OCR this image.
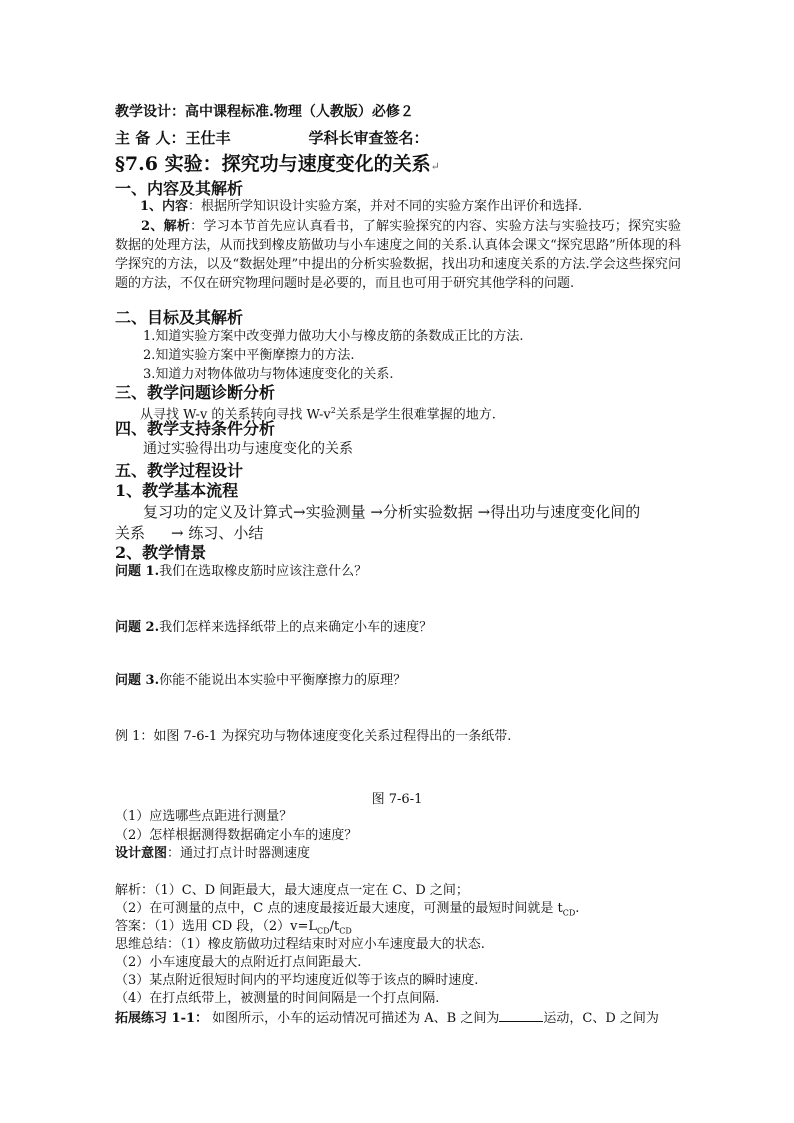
教学设计：高中课程标准.物理（人教版）必修２
主 备 人：王仕丰	学科长审查签名：
§7.6 实验：探究功与速度变化的关系↵
一、内容及其解析
1、内容：根据所学知识设计实验方案，并对不同的实验方案作出评价和选择.
2、解析：学习本节首先应认真看书，了解实验探究的内容、实验方法与实验技巧；探究实验数据的处理方法，从而找到橡皮筋做功与小车速度之间的关系.认真体会课文“探究思路”所体现的科学探究的方法，以及“数据处理”中提出的分析实验数据，找出功和速度关系的方法.学会这些探究问题的方法，不仅在研究物理问题时是必要的，而且也可用于研究其他学科的问题.
二、目标及其解析
1.知道实验方案中改变弹力做功大小与橡皮筋的条数成正比的方法.
2.知道实验方案中平衡摩擦力的方法.
3.知道力对物体做功与物体速度变化的关系.
三、教学问题诊断分析
从寻找 W-v 的关系转向寻找 $W-v^2$关系是学生很难掌握的地方.
四、教学支持条件分析
通过实验得出功与速度变化的关系
五、教学过程设计
1、教学基本流程
复习功的定义及计算式→实验测量 →分析实验数据 →得出功与速度变化间的
关系 → 练习、小结
2、教学情景
问题 1.我们在选取橡皮筋时应该注意什么？
问题 2.我们怎样来选择纸带上的点来确定小车的速度？
问题 3.你能不能说出本实验中平衡摩擦力的原理？
例 1：如图 7-6-1 为探究功与物体速度变化关系过程得出的一条纸带.
图 7-6-1
（1）应选哪些点距进行测量？
（2）怎样根据测得数据确定小车的速度？
设计意图：通过打点计时器测速度
解析：（1）C、D 间距最大，最大速度点一定在 C、D 之间；
（2）在可测量的点中，C 点的速度最接近最大速度，可测量的最短时间就是 $t_{CD}$.
答案：（1）选用 CD 段，$(2)v=L_{CD}/t_{CD}$
思维总结：（1）橡皮筋做功过程结束时对应小车速度最大的状态.
（2）小车速度最大的点附近打点间距最大.
（3）某点附近很短时间内的平均速度近似等于该点的瞬时速度.
（4）在打点纸带上，被测量的时间间隔是一个打点间隔.
拓展练习 1-1： 如图所示，小车的运动情况可描述为 A、B 之间为	运动，C、D 之间为
